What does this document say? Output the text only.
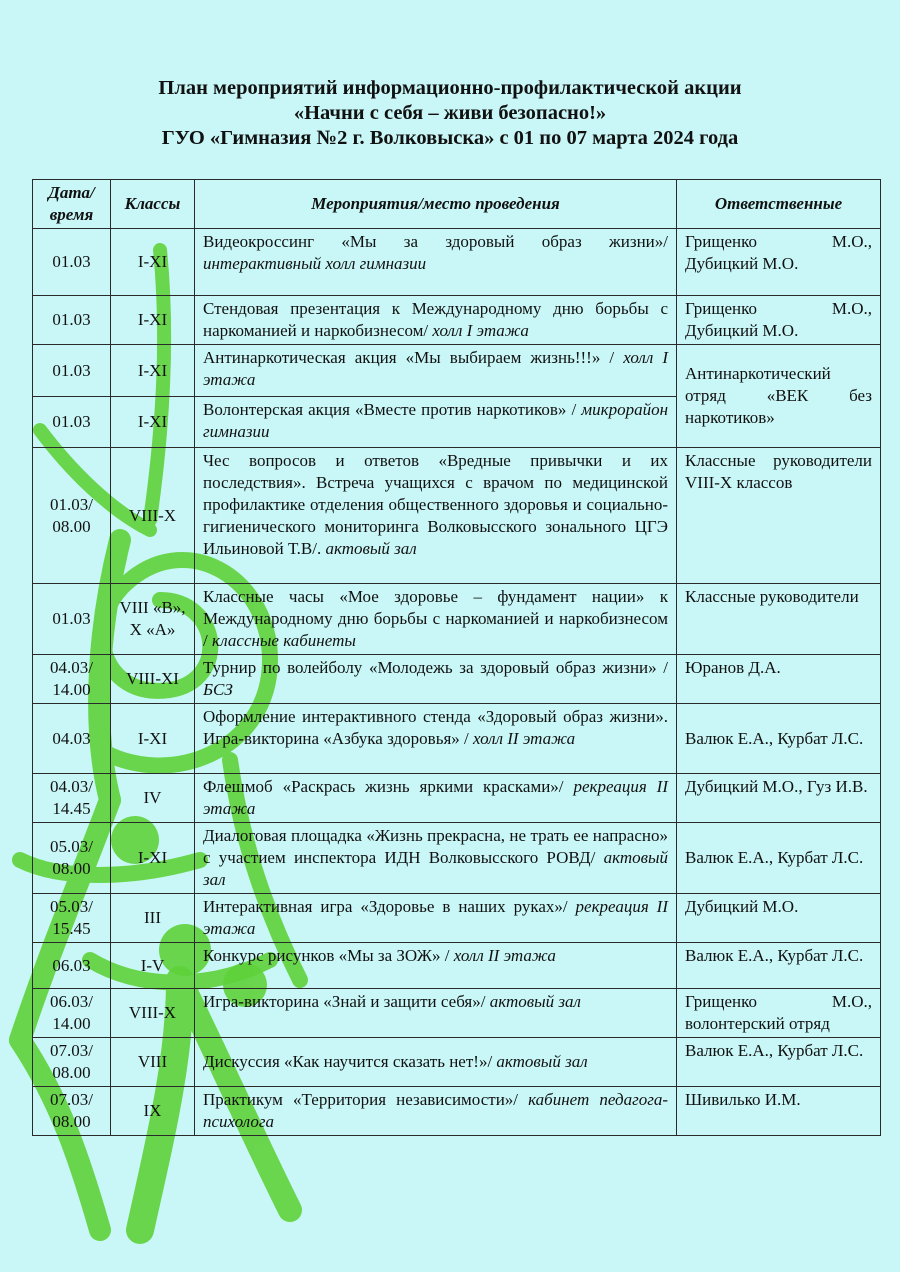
План мероприятий информационно-профилактической акции
«Начни с себя – живи безопасно!»
ГУО «Гимназия №2 г. Волковыска» с 01 по 07 марта 2024 года
Дата/ время	Классы	Мероприятия/место проведения	Ответственные
01.03	I-XI	Видеокроссинг «Мы за здоровый образ жизни»/ интерактивный холл гимназии	Грищенко М.О., Дубицкий М.О.
01.03	I-XI	Стендовая презентация к Международному дню борьбы с наркоманией и наркобизнесом/ холл I этажа	Грищенко М.О., Дубицкий М.О.
01.03	I-XI	Антинаркотическая акция «Мы выбираем жизнь!!!» / холл I этажа	Антинаркотический отряд «ВЕК без наркотиков»
01.03	I-XI	Волонтерская акция «Вместе против наркотиков» / микрорайон гимназии	
01.03/ 08.00	VIII-X	Чес вопросов и ответов «Вредные привычки и их последствия». Встреча учащихся с врачом по медицинской профилактике отделения общественного здоровья и социально-гигиенического мониторинга Волковысского зонального ЦГЭ Ильиновой Т.В/. актовый зал	Классные руководители VIII-X классов
01.03	VIII «В», X «А»	Классные часы «Мое здоровье – фундамент нации» к Международному дню борьбы с наркоманией и наркобизнесом / классные кабинеты	Классные руководители
04.03/ 14.00	VIII-XI	Турнир по волейболу «Молодежь за здоровый образ жизни» / БСЗ	Юранов Д.А.
04.03	I-XI	Оформление интерактивного стенда «Здоровый образ жизни». Игра-викторина «Азбука здоровья» / холл II этажа	Валюк Е.А., Курбат Л.С.
04.03/ 14.45	IV	Флешмоб «Раскрась жизнь яркими красками»/ рекреация II этажа	Дубицкий М.О., Гуз И.В.
05.03/ 08.00	I-XI	Диалоговая площадка «Жизнь прекрасна, не трать ее напрасно» с участием инспектора ИДН Волковысского РОВД/ актовый зал	Валюк Е.А., Курбат Л.С.
05.03/ 15.45	III	Интерактивная игра «Здоровье в наших руках»/ рекреация II этажа	Дубицкий М.О.
06.03	I-V	Конкурс рисунков «Мы за ЗОЖ» / холл II этажа	Валюк Е.А., Курбат Л.С.
06.03/ 14.00	VIII-X	Игра-викторина «Знай и защити себя»/ актовый зал	Грищенко М.О., волонтерский отряд
07.03/ 08.00	VIII	Дискуссия «Как научится сказать нет!»/ актовый зал	Валюк Е.А., Курбат Л.С.
07.03/ 08.00	IX	Практикум «Территория независимости»/ кабинет педагога-психолога	Шивилько И.М.
